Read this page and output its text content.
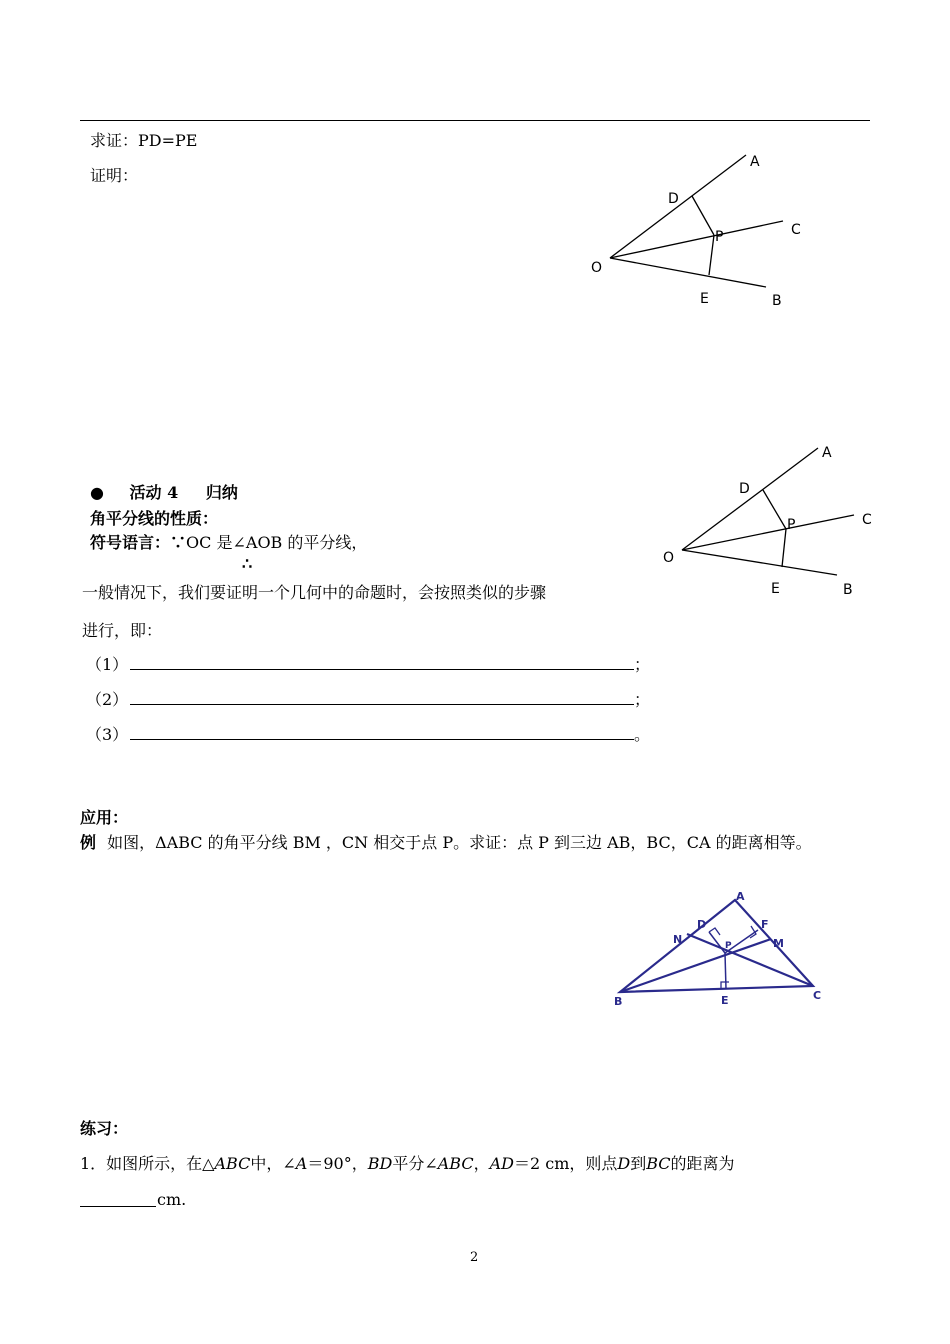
求证：PD=PE
证明：
A
D
C
P
O
E	B
● 活动 4 归纳
角平分线的性质：
符号语言：∵OC 是∠AOB 的平分线，
∴
一般情况下，我们要证明一个几何中的命题时，会按照类似的步骤
进行，即：
（1）	；
（2）	；
（3）	。
A
D
C
P
O
E	B
应用：
例 如图，ΔABC 的角平分线 BM ，CN 相交于点 P。求证：点 P 到三边 AB，BC，CA 的距离相等。
A
D	F
N	P	M
B	E	C
练习：
1．如图所示，在△ABC中，∠A＝90°，BD平分∠ABC，AD＝2 cm，则点D到BC的距离为
cm.
2
